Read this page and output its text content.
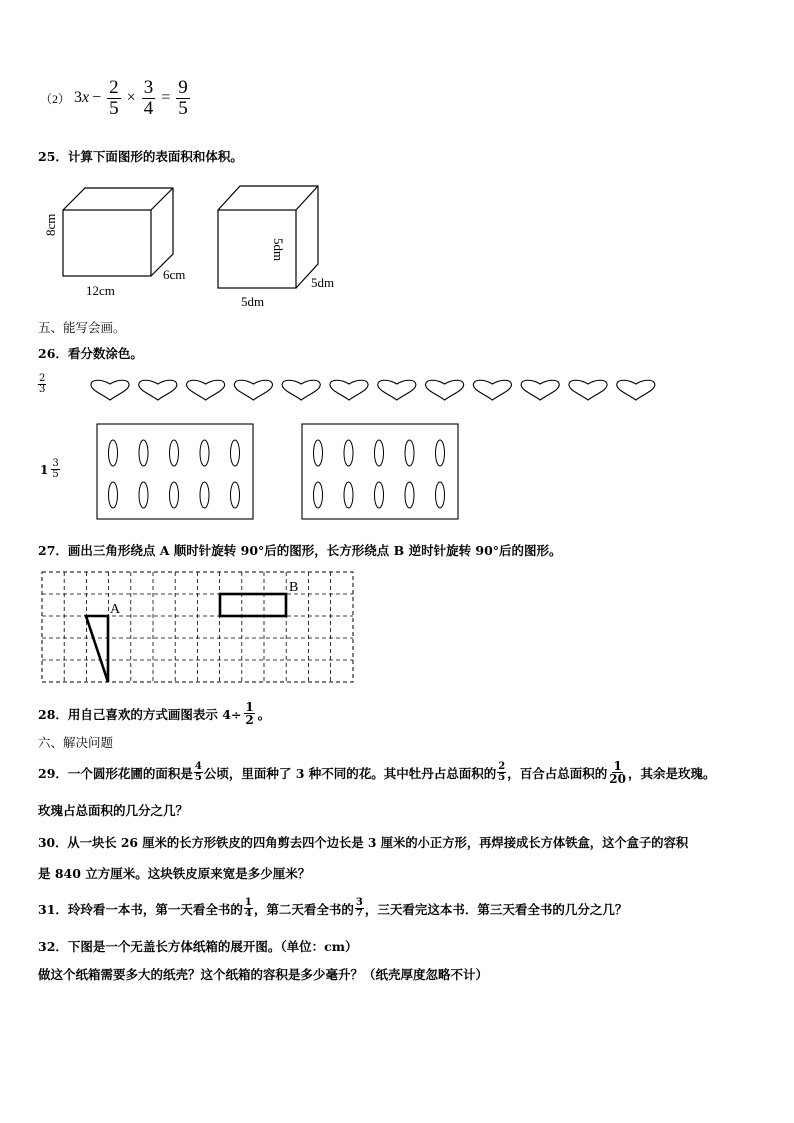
（2） 3 $x - \frac{2}{5} \times \frac{3}{4} = \frac{9}{5}$
25．计算下面图形的表面积和体积。
8cm
12cm
6cm
5dm
5dm
5dm
五、能写会画。
26．看分数涂色。
$\frac{2}{3}$
$1 \frac{3}{5}$
27．画出三角形绕点 A 顺时针旋转 90°后的图形，长方形绕点 B 逆时针旋转 90°后的图形。
A
B
28．用自己喜欢的方式画图表示 $4\div \frac{1}{2}$ 。
六、解决问题
29．一个圆形花圃的面积是 $\frac{4}{5}$ 公顷，里面种了 3 种不同的花。其中牡丹占总面积的 $\frac{2}{5}$ ，百合占总面积的 $\frac{1}{20}$ ，其余是玫瑰。
玫瑰占总面积的几分之几？
30．从一块长 26 厘米的长方形铁皮的四角剪去四个边长是 3 厘米的小正方形，再焊接成长方体铁盒，这个盒子的容积
是 840 立方厘米。这块铁皮原来宽是多少厘米？
31．玲玲看一本书，第一天看全书的 $\frac{1}{4}$ ，第二天看全书的 $\frac{3}{7}$ ，三天看完这本书．第三天看全书的几分之几？
32．下图是一个无盖长方体纸箱的展开图。（单位：cm）
做这个纸箱需要多大的纸壳？这个纸箱的容积是多少毫升？（纸壳厚度忽略不计）
